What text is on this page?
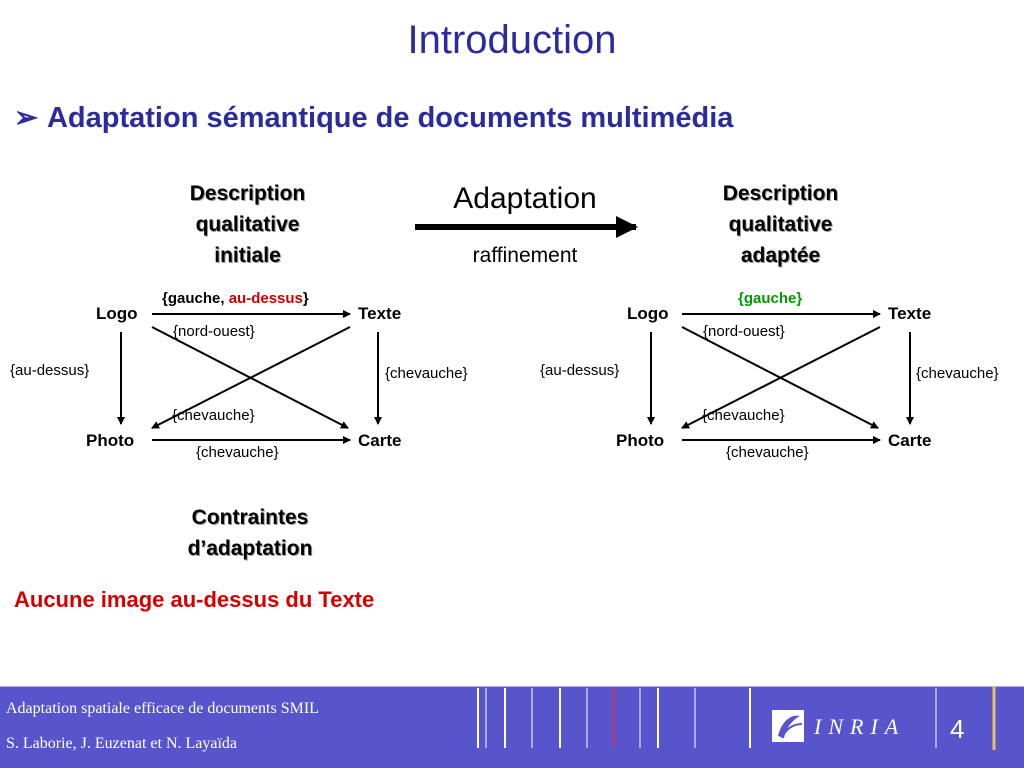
Introduction
➢ Adaptation sémantique de documents multimédia
Description
qualitative
initiale
Description
qualitative
adaptée
Adaptation
raffinement
Logo	Texte
Photo	Carte
{gauche, au-dessus}
{nord-ouest}
{au-dessus}	{chevauche}
{chevauche}
{chevauche}
Logo	Texte
Photo	Carte
{gauche}
{nord-ouest}
{au-dessus}	{chevauche}
{chevauche}
{chevauche}
Contraintes
d’adaptation
Aucune image au-dessus du Texte
Adaptation spatiale efficace de documents SMIL
S. Laborie, J. Euzenat et N. Layaïda
INRIA 4
